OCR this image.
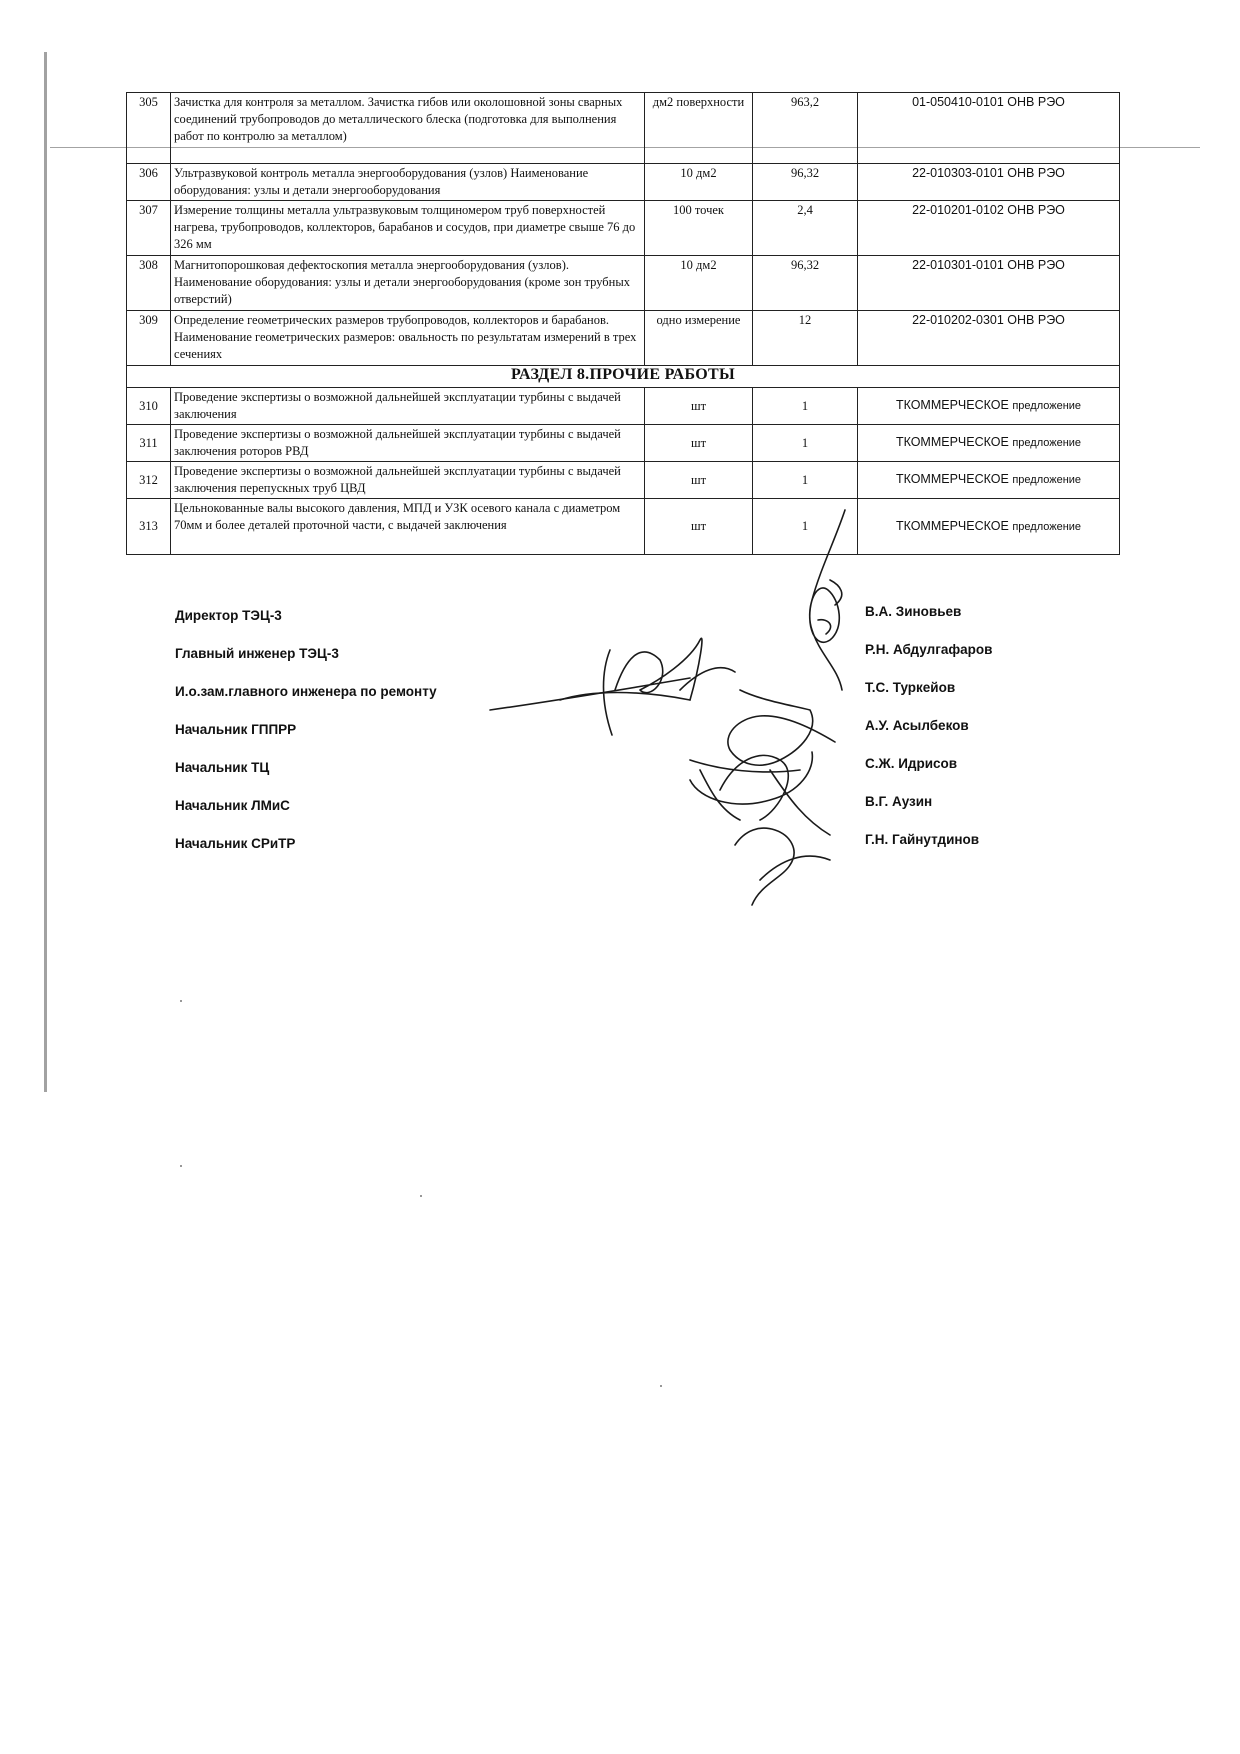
305	Зачистка для контроля за металлом. Зачистка гибов или околошовной зоны сварных соединений трубопроводов до металлического блеска (подготовка для выполнения работ по контролю за металлом)	дм2 поверхности	963,2	01-050410-0101 ОНВ РЭО
306	Ультразвуковой контроль металла энергооборудования (узлов) Наименование оборудования: узлы и детали энергооборудования	10 дм2	96,32	22-010303-0101 ОНВ РЭО
307	Измерение толщины металла ультразвуковым толщиномером труб поверхностей нагрева, трубопроводов, коллекторов, барабанов и сосудов, при диаметре свыше 76 до 326 мм	100 точек	2,4	22-010201-0102 ОНВ РЭО
308	Магнитопорошковая дефектоскопия металла энергооборудования (узлов). Наименование оборудования: узлы и детали энергооборудования (кроме зон трубных отверстий)	10 дм2	96,32	22-010301-0101 ОНВ РЭО
309	Определение геометрических размеров трубопроводов, коллекторов и барабанов. Наименование геометрических размеров: овальность по результатам измерений в трех сечениях	одно измерение	12	22-010202-0301 ОНВ РЭО
РАЗДЕЛ 8.ПРОЧИЕ РАБОТЫ				
310	Проведение экспертизы о возможной дальнейшей эксплуатации турбины с выдачей заключения	шт	1	ТКОММЕРЧЕСКОЕ предложение
311	Проведение экспертизы о возможной дальнейшей эксплуатации турбины с выдачей заключения роторов РВД	шт	1	ТКОММЕРЧЕСКОЕ предложение
312	Проведение экспертизы о возможной дальнейшей эксплуатации турбины с выдачей заключения перепускных труб ЦВД	шт	1	ТКОММЕРЧЕСКОЕ предложение
313	Цельнокованные валы высокого давления, МПД и УЗК осевого канала с диаметром 70мм и более деталей проточной части, с выдачей заключения	шт	1	ТКОММЕРЧЕСКОЕ предложение
Директор ТЭЦ-3
Главный инженер ТЭЦ-3
И.о.зам.главного инженера по ремонту
Начальник ГППРР
Начальник ТЦ
Начальник ЛМиС
Начальник СРиТР
В.А. Зиновьев
Р.Н. Абдулгафаров
Т.С. Туркейов
А.У. Асылбеков
С.Ж. Идрисов
В.Г. Аузин
Г.Н. Гайнутдинов
